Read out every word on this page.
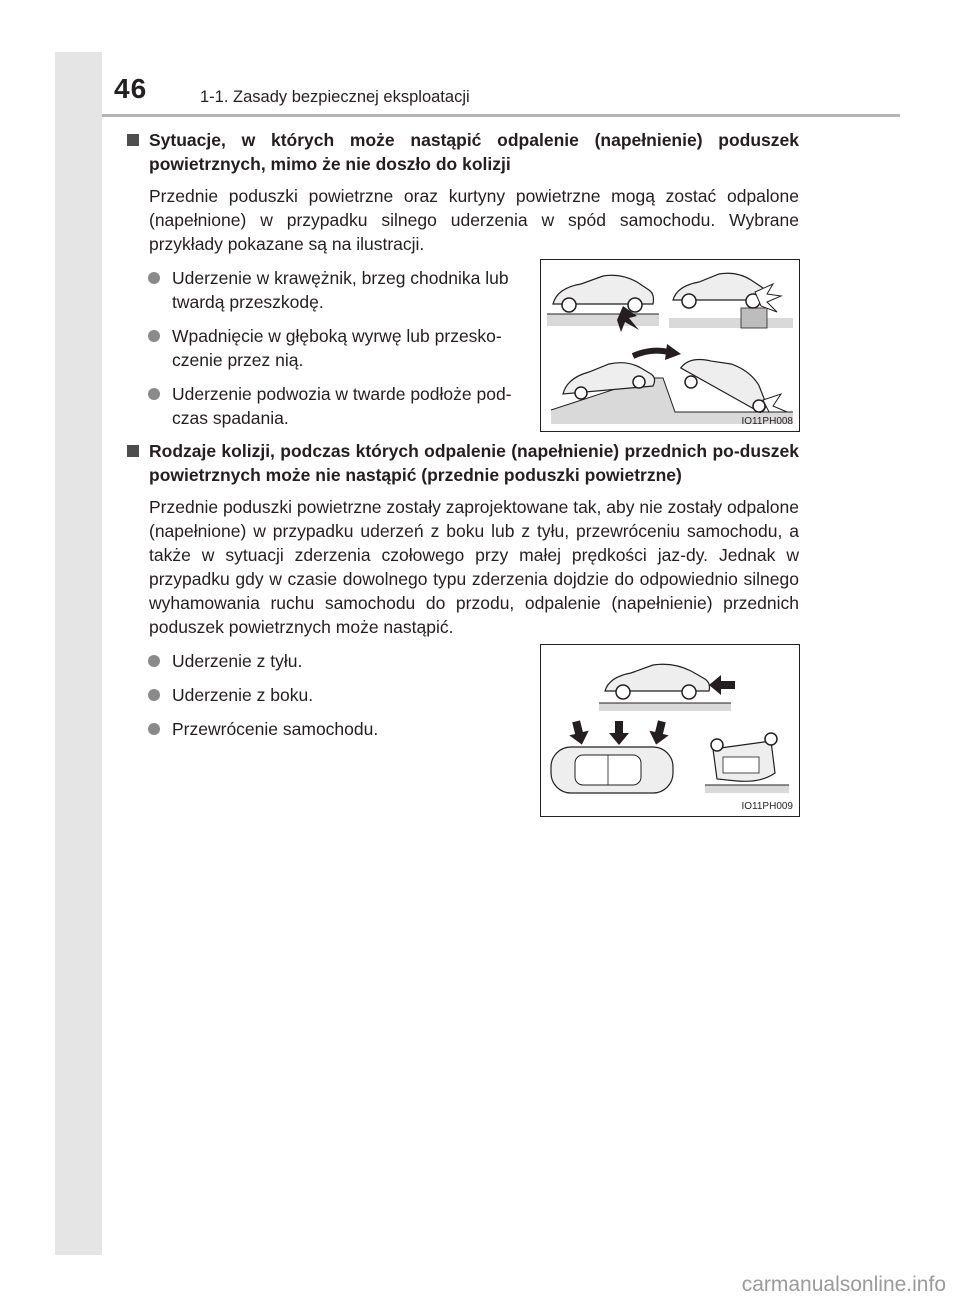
46	1-1. Zasady bezpiecznej eksploatacji
Sytuacje, w których może nastąpić odpalenie (napełnienie) poduszek powietrznych, mimo że nie doszło do kolizji
Przednie poduszki powietrzne oraz kurtyny powietrzne mogą zostać odpalone (napełnione) w przypadku silnego uderzenia w spód samochodu. Wybrane przykłady pokazane są na ilustracji.
Uderzenie w krawężnik, brzeg chodnika lub twardą przeszkodę.
Wpadnięcie w głęboką wyrwę lub przesko-czenie przez nią.
Uderzenie podwozia w twarde podłoże pod-czas spadania.	IO11PH008
Rodzaje kolizji, podczas których odpalenie (napełnienie) przednich po-duszek powietrznych może nie nastąpić (przednie poduszki powietrzne)
Przednie poduszki powietrzne zostały zaprojektowane tak, aby nie zostały odpalone (napełnione) w przypadku uderzeń z boku lub z tyłu, przewróceniu samochodu, a także w sytuacji zderzenia czołowego przy małej prędkości jaz-dy. Jednak w przypadku gdy w czasie dowolnego typu zderzenia dojdzie do odpowiednio silnego wyhamowania ruchu samochodu do przodu, odpalenie (napełnienie) przednich poduszek powietrznych może nastąpić.
Uderzenie z tyłu.
Uderzenie z boku.
Przewrócenie samochodu.
IO11PH009
carmanualsonline.info
